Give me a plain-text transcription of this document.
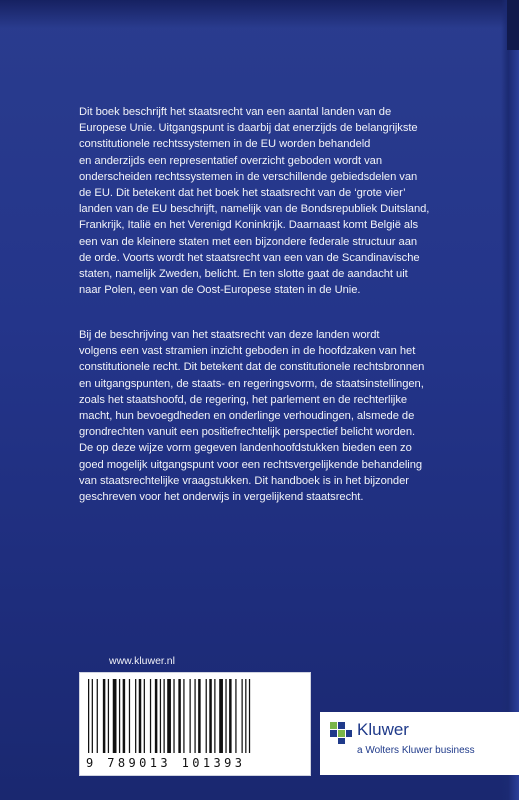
Dit boek beschrijft het staatsrecht van een aantal landen van de
Europese Unie. Uitgangspunt is daarbij dat enerzijds de belangrijkste
constitutionele rechtssystemen in de EU worden behandeld
en anderzijds een representatief overzicht geboden wordt van
onderscheiden rechtssystemen in de verschillende gebiedsdelen van
de EU. Dit betekent dat het boek het staatsrecht van de ‘grote vier’
landen van de EU beschrijft, namelijk van de Bondsrepubliek Duitsland,
Frankrijk, Italië en het Verenigd Koninkrijk. Daarnaast komt België als
een van de kleinere staten met een bijzondere federale structuur aan
de orde. Voorts wordt het staatsrecht van een van de Scandinavische
staten, namelijk Zweden, belicht. En ten slotte gaat de aandacht uit
naar Polen, een van de Oost-Europese staten in de Unie.

Bij de beschrijving van het staatsrecht van deze landen wordt
volgens een vast stramien inzicht geboden in de hoofdzaken van het
constitutionele recht. Dit betekent dat de constitutionele rechtsbronnen
en uitgangspunten, de staats- en regeringsvorm, de staatsinstellingen,
zoals het staatshoofd, de regering, het parlement en de rechterlijke
macht, hun bevoegdheden en onderlinge verhoudingen, alsmede de
grondrechten vanuit een positiefrechtelijk perspectief belicht worden.
De op deze wijze vorm gegeven landenhoofdstukken bieden een zo
goed mogelijk uitgangspunt voor een rechtsvergelijkende behandeling
van staatsrechtelijke vraagstukken. Dit handboek is in het bijzonder
geschreven voor het onderwijs in vergelijkend staatsrecht.

www.kluwer.nl
9 789013 101393
Kluwer
a Wolters Kluwer business
